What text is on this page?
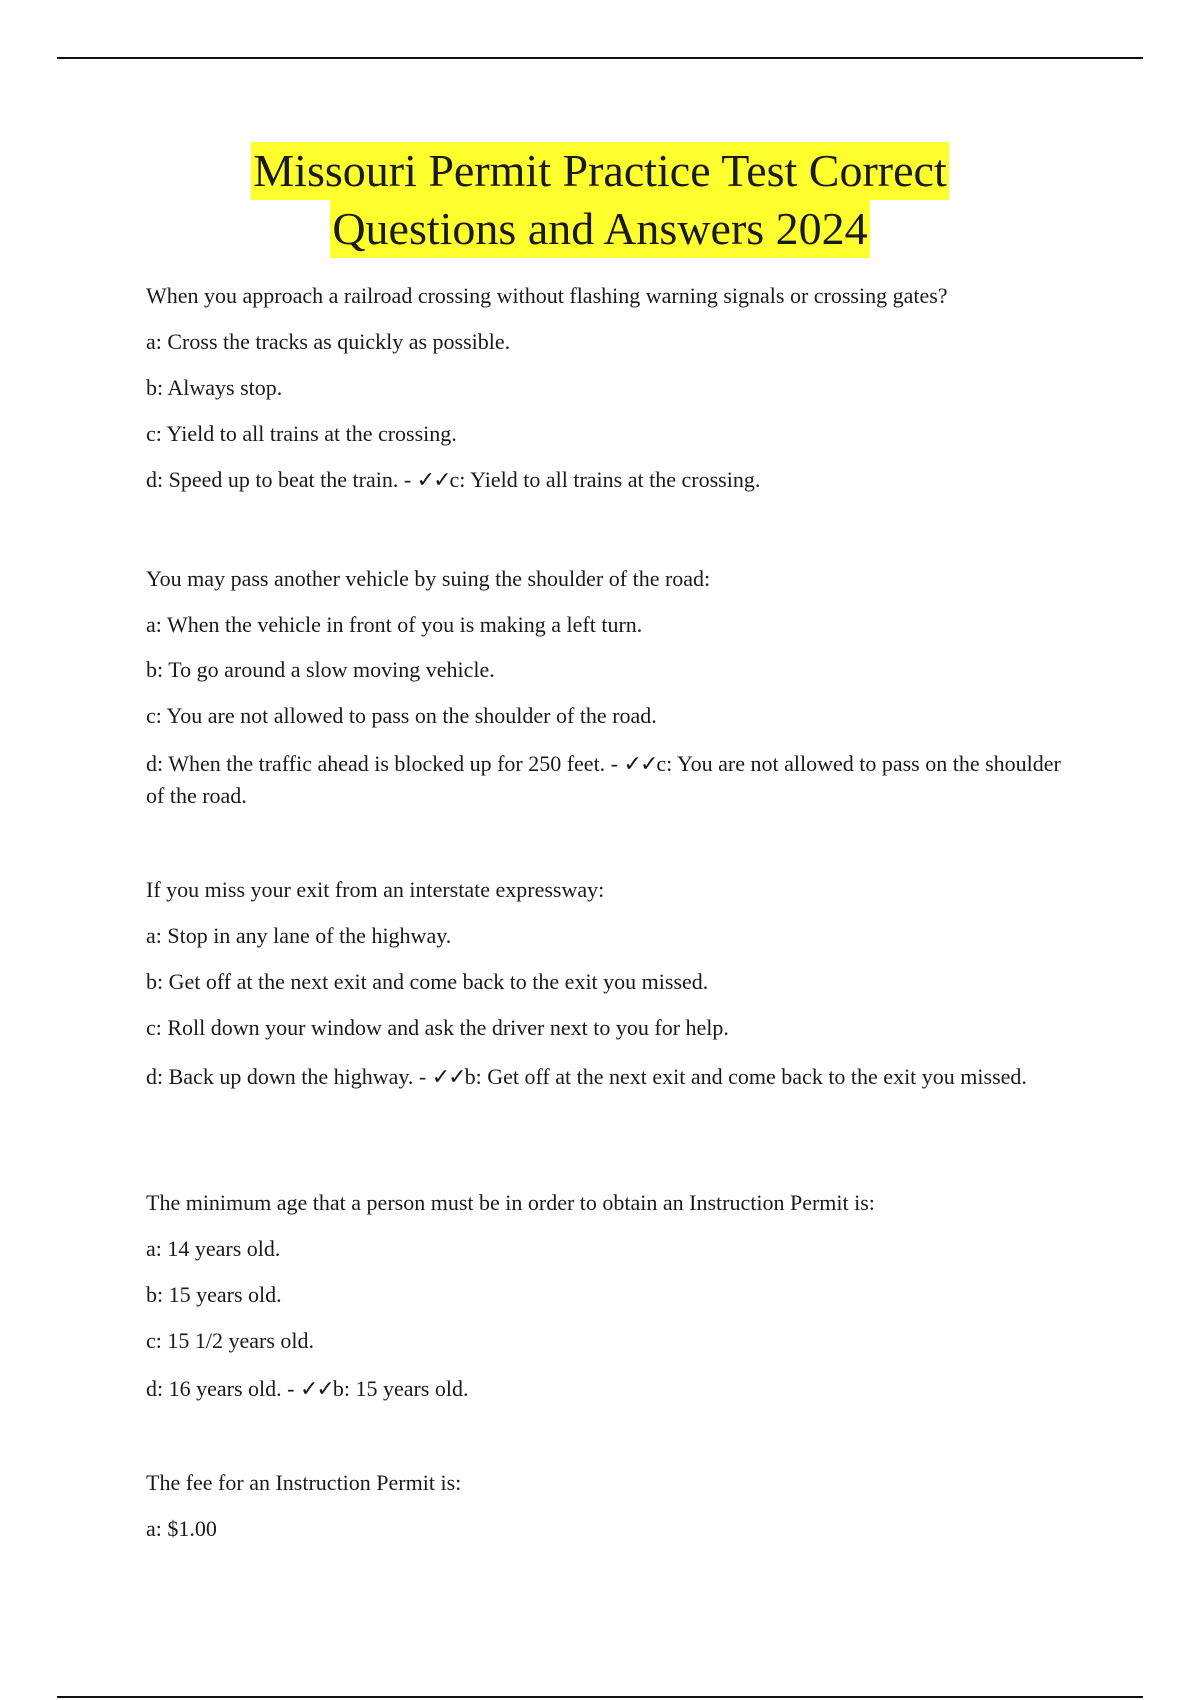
Missouri Permit Practice Test Correct
Questions and Answers 2024
When you approach a railroad crossing without flashing warning signals or crossing gates?
a: Cross the tracks as quickly as possible.
b: Always stop.
c: Yield to all trains at the crossing.
d: Speed up to beat the train. - ✓✓c: Yield to all trains at the crossing.
You may pass another vehicle by suing the shoulder of the road:
a: When the vehicle in front of you is making a left turn.
b: To go around a slow moving vehicle.
c: You are not allowed to pass on the shoulder of the road.
d: When the traffic ahead is blocked up for 250 feet. - ✓✓c: You are not allowed to pass on the shoulder of the road.
If you miss your exit from an interstate expressway:
a: Stop in any lane of the highway.
b: Get off at the next exit and come back to the exit you missed.
c: Roll down your window and ask the driver next to you for help.
d: Back up down the highway. - ✓✓b: Get off at the next exit and come back to the exit you missed.
The minimum age that a person must be in order to obtain an Instruction Permit is:
a: 14 years old.
b: 15 years old.
c: 15 1/2 years old.
d: 16 years old. - ✓✓b: 15 years old.
The fee for an Instruction Permit is:
a: $1.00
